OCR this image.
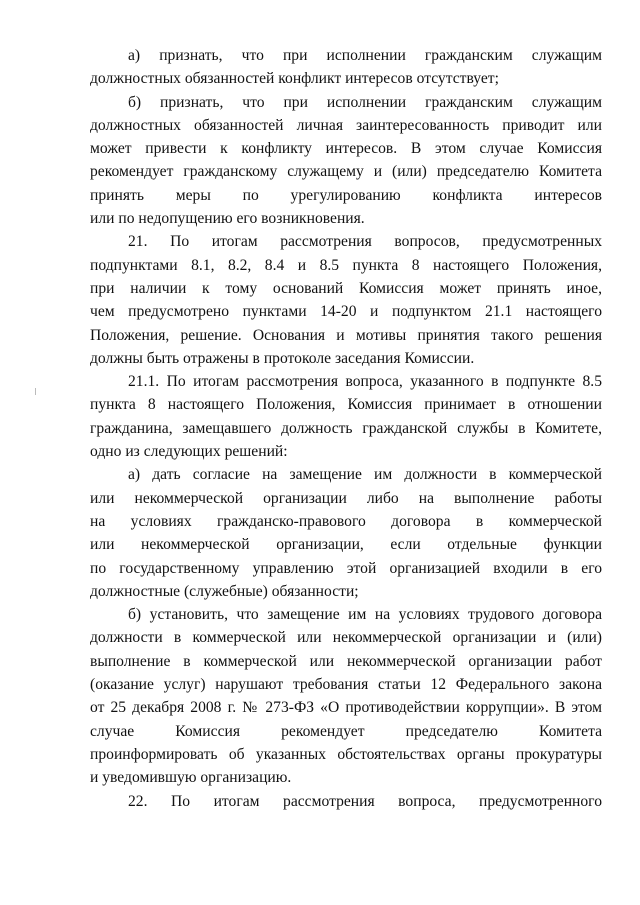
а) признать, что при исполнении гражданским служащим
должностных обязанностей конфликт интересов отсутствует;
б) признать, что при исполнении гражданским служащим
должностных обязанностей личная заинтересованность приводит или
может привести к конфликту интересов. В этом случае Комиссия
рекомендует гражданскому служащему и (или) председателю Комитета
принять меры по урегулированию конфликта интересов
или по недопущению его возникновения.
21. По итогам рассмотрения вопросов, предусмотренных
подпунктами 8.1, 8.2, 8.4 и 8.5 пункта 8 настоящего Положения,
при наличии к тому оснований Комиссия может принять иное,
чем предусмотрено пунктами 14-20 и подпунктом 21.1 настоящего
Положения, решение. Основания и мотивы принятия такого решения
должны быть отражены в протоколе заседания Комиссии.
21.1. По итогам рассмотрения вопроса, указанного в подпункте 8.5
пункта 8 настоящего Положения, Комиссия принимает в отношении
гражданина, замещавшего должность гражданской службы в Комитете,
одно из следующих решений:
а) дать согласие на замещение им должности в коммерческой
или некоммерческой организации либо на выполнение работы
на условиях гражданско-правового договора в коммерческой
или некоммерческой организации, если отдельные функции
по государственному управлению этой организацией входили в его
должностные (служебные) обязанности;
б) установить, что замещение им на условиях трудового договора
должности в коммерческой или некоммерческой организации и (или)
выполнение в коммерческой или некоммерческой организации работ
(оказание услуг) нарушают требования статьи 12 Федерального закона
от 25 декабря 2008 г. № 273-ФЗ «О противодействии коррупции». В этом
случае Комиссия рекомендует председателю Комитета
проинформировать об указанных обстоятельствах органы прокуратуры
и уведомившую организацию.
22. По итогам рассмотрения вопроса, предусмотренного
